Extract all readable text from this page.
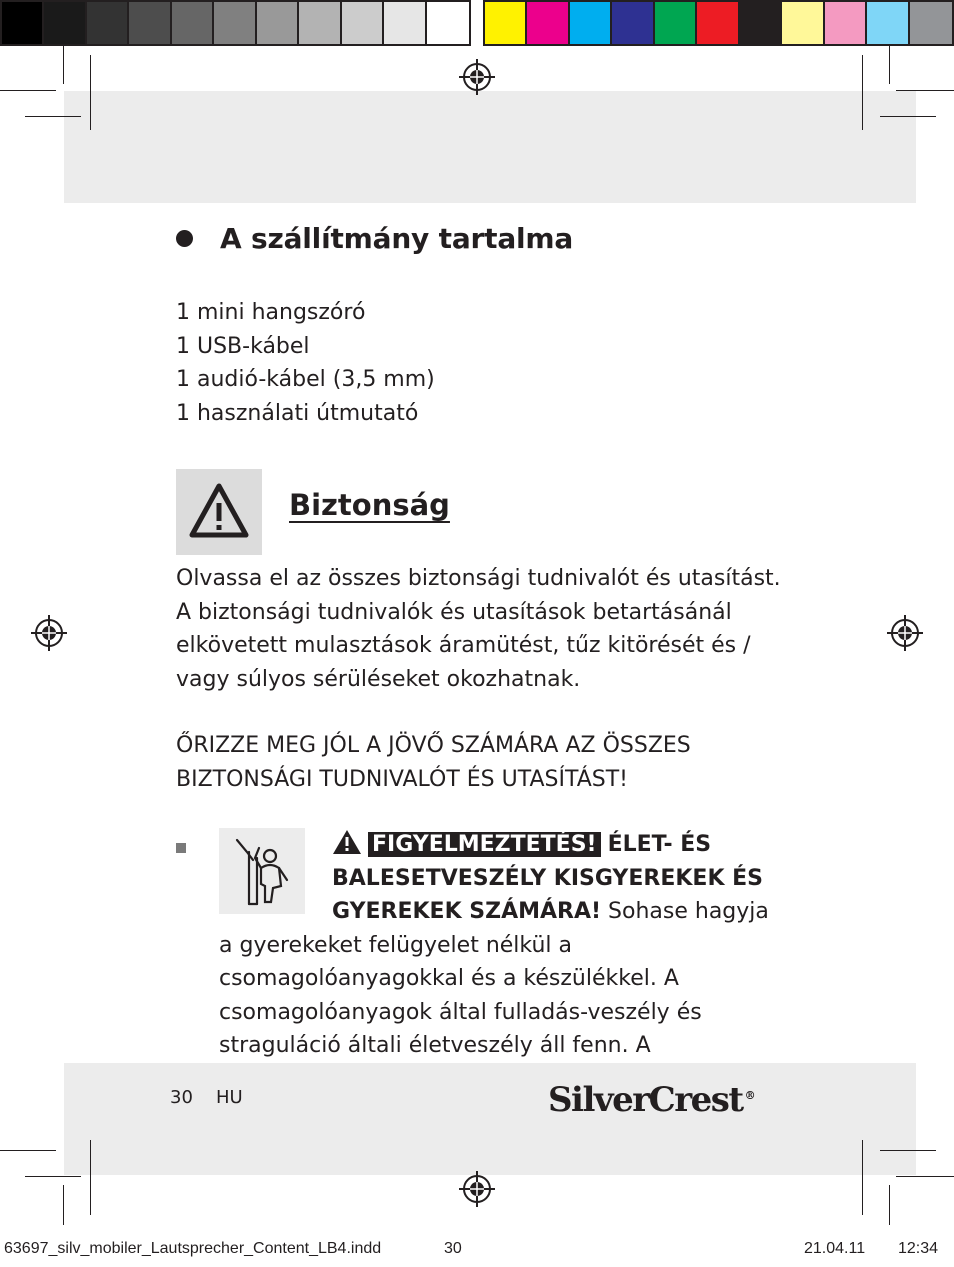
A szállítmány tartalma
1 mini hangszóró
1 USB-kábel
1 audió-kábel (3,5 mm)
1 használati útmutató
Biztonság

Olvassa el az összes biztonsági tudnivalót és utasítást. A biztonsági tudnivalók és utasítások betartásánál elkövetett mulasztások áramütést, tűz kitörését és / vagy súlyos sérüléseket okozhatnak.

ŐRIZZE MEG JÓL A JÖVŐ SZÁMÁRA AZ ÖSSZES BIZTONSÁGI TUDNIVALÓT ÉS UTASÍTÁST!

FIGYELMEZTETÉS! ÉLET- ÉS BALESETVESZÉLY KISGYEREKEK ÉS GYEREKEK SZÁMÁRA! Sohase hagyja a gyerekeket felügyelet nélkül a csomagolóanyagokkal és a készülékkel. A csomagolóanyagok által fulladás-veszély és straguláció általi életveszély áll fenn. A
30 HU	SilverCrest ®
63697_silv_mobiler_Lautsprecher_Content_LB4.indd	30	21.04.11 12:34
